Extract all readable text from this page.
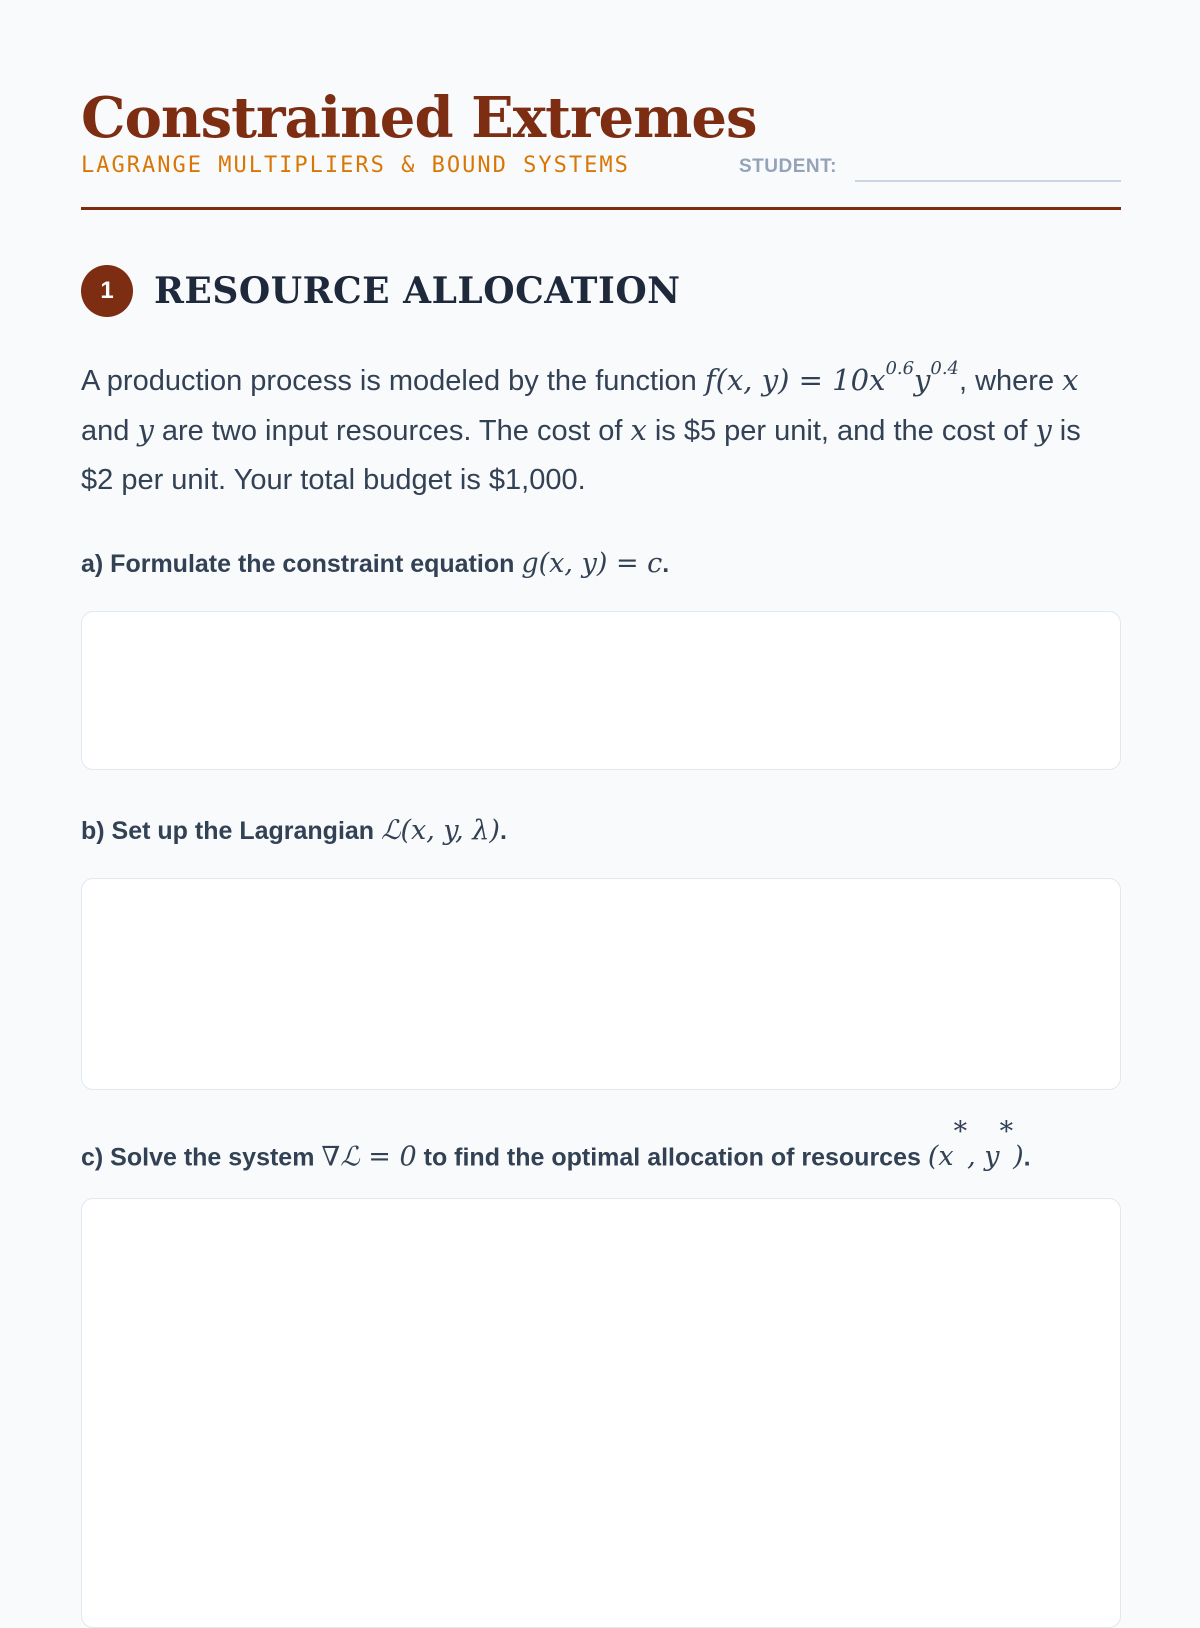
Constrained Extremes
LAGRANGE MULTIPLIERS & BOUND SYSTEMS	STUDENT:
1	RESOURCE ALLOCATION
A production process is modeled by the function f(x, $y) = 10x^{0.6}y^{0.4}$, where x and y are two input resources. The cost of x is $5 per unit, and the cost of y is $2 per unit. Your total budget is $1,000.
a) Formulate the constraint equation g(x, y) = c.
b) Set up the Lagrangian ℒ(x, y, λ).
c) Solve the system ∇ℒ = 0 to find the optimal allocation of resources (x*, y*).
